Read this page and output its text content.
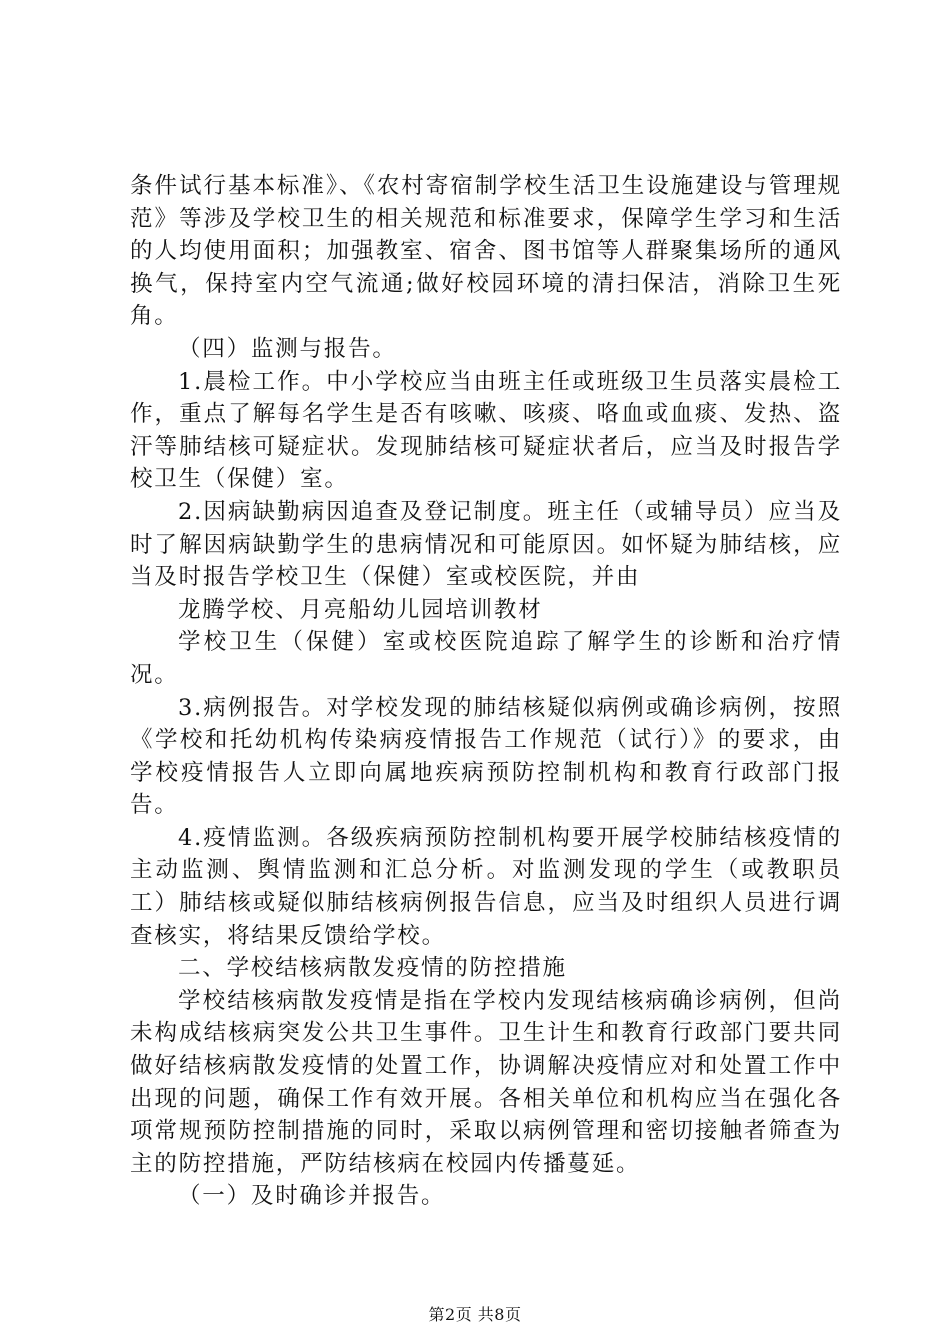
条件试行基本标准》、《农村寄宿制学校生活卫生设施建设与管理规范》等涉及学校卫生的相关规范和标准要求，保障学生学习和生活的人均使用面积；加强教室、宿舍、图书馆等人群聚集场所的通风换气，保持室内空气流通;做好校园环境的清扫保洁，消除卫生死角。

（四）监测与报告。

1.晨检工作。中小学校应当由班主任或班级卫生员落实晨检工作，重点了解每名学生是否有咳嗽、咳痰、咯血或血痰、发热、盗汗等肺结核可疑症状。发现肺结核可疑症状者后，应当及时报告学校卫生（保健）室。

2.因病缺勤病因追查及登记制度。班主任（或辅导员）应当及时了解因病缺勤学生的患病情况和可能原因。如怀疑为肺结核，应当及时报告学校卫生（保健）室或校医院，并由

龙腾学校、月亮船幼儿园培训教材

学校卫生（保健）室或校医院追踪了解学生的诊断和治疗情况。

3.病例报告。对学校发现的肺结核疑似病例或确诊病例，按照《学校和托幼机构传染病疫情报告工作规范（试行）》的要求，由学校疫情报告人立即向属地疾病预防控制机构和教育行政部门报告。

4.疫情监测。各级疾病预防控制机构要开展学校肺结核疫情的主动监测、舆情监测和汇总分析。对监测发现的学生（或教职员工）肺结核或疑似肺结核病例报告信息，应当及时组织人员进行调查核实，将结果反馈给学校。

二、学校结核病散发疫情的防控措施

学校结核病散发疫情是指在学校内发现结核病确诊病例，但尚未构成结核病突发公共卫生事件。卫生计生和教育行政部门要共同做好结核病散发疫情的处置工作，协调解决疫情应对和处置工作中出现的问题，确保工作有效开展。各相关单位和机构应当在强化各项常规预防控制措施的同时，采取以病例管理和密切接触者筛查为主的防控措施，严防结核病在校园内传播蔓延。

（一）及时确诊并报告。

第2页 共8页
